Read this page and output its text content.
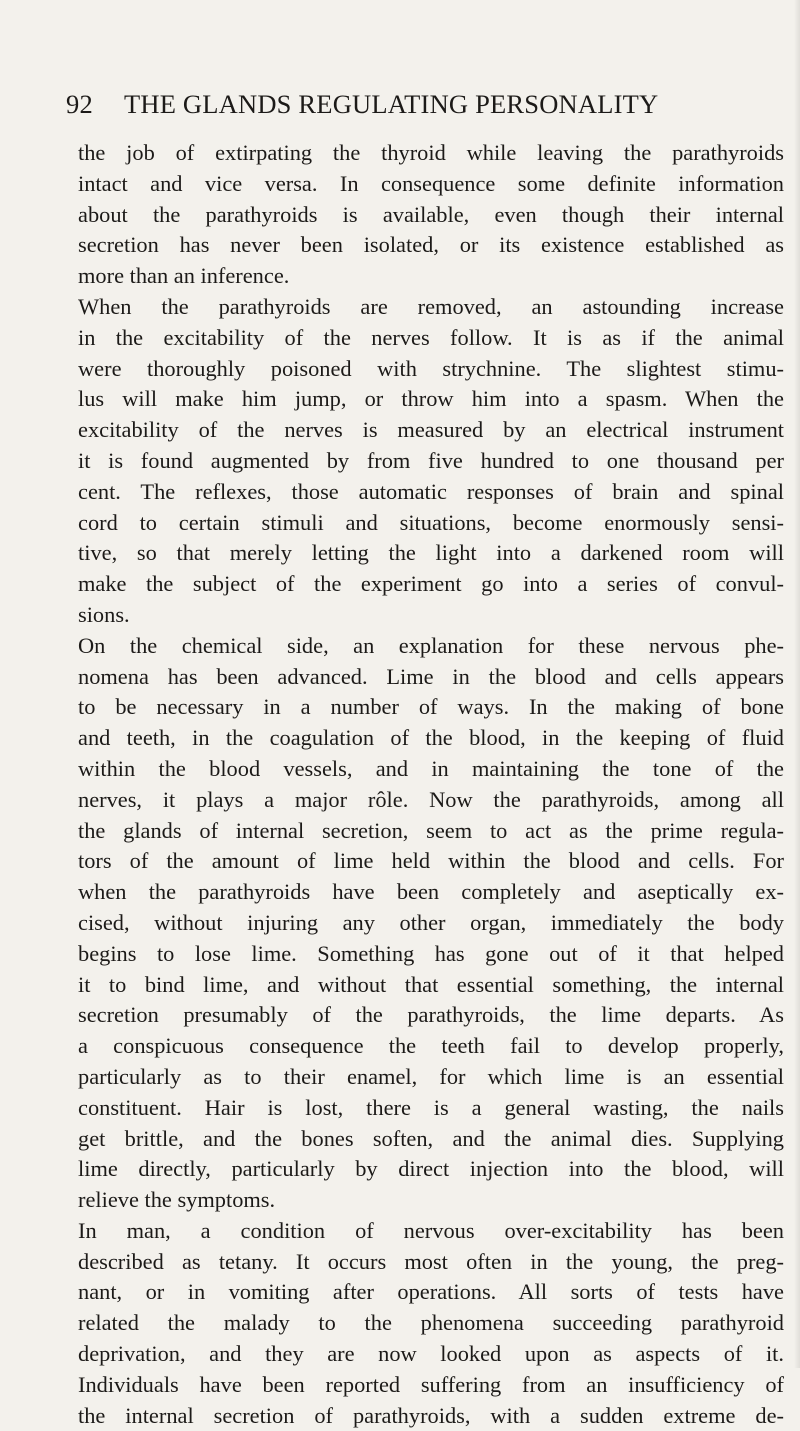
92 THE GLANDS REGULATING PERSONALITY
the job of extirpating the thyroid while leaving the parathyroids
intact and vice versa. In consequence some definite information
about the parathyroids is available, even though their internal
secretion has never been isolated, or its existence established as
more than an inference.
When the parathyroids are removed, an astounding increase
in the excitability of the nerves follow. It is as if the animal
were thoroughly poisoned with strychnine. The slightest stimu-
lus will make him jump, or throw him into a spasm. When the
excitability of the nerves is measured by an electrical instrument
it is found augmented by from five hundred to one thousand per
cent. The reflexes, those automatic responses of brain and spinal
cord to certain stimuli and situations, become enormously sensi-
tive, so that merely letting the light into a darkened room will
make the subject of the experiment go into a series of convul-
sions.
On the chemical side, an explanation for these nervous phe-
nomena has been advanced. Lime in the blood and cells appears
to be necessary in a number of ways. In the making of bone
and teeth, in the coagulation of the blood, in the keeping of fluid
within the blood vessels, and in maintaining the tone of the
nerves, it plays a major rôle. Now the parathyroids, among all
the glands of internal secretion, seem to act as the prime regula-
tors of the amount of lime held within the blood and cells. For
when the parathyroids have been completely and aseptically ex-
cised, without injuring any other organ, immediately the body
begins to lose lime. Something has gone out of it that helped
it to bind lime, and without that essential something, the internal
secretion presumably of the parathyroids, the lime departs. As
a conspicuous consequence the teeth fail to develop properly,
particularly as to their enamel, for which lime is an essential
constituent. Hair is lost, there is a general wasting, the nails
get brittle, and the bones soften, and the animal dies. Supplying
lime directly, particularly by direct injection into the blood, will
relieve the symptoms.
In man, a condition of nervous over-excitability has been
described as tetany. It occurs most often in the young, the preg-
nant, or in vomiting after operations. All sorts of tests have
related the malady to the phenomena succeeding parathyroid
deprivation, and they are now looked upon as aspects of it.
Individuals have been reported suffering from an insufficiency of
the internal secretion of parathyroids, with a sudden extreme de-
